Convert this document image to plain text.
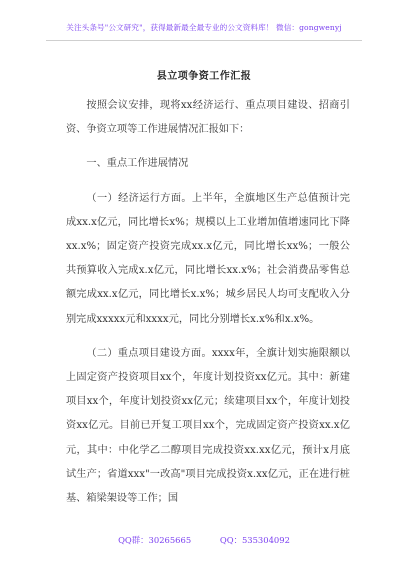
关注头条号"公文研究"，获得最新最全最专业的公文资料库！ 微信：gongwenyj
县立项争资工作汇报

按照会议安排，现将xx经济运行、重点项目建设、招商引资、争资立项等工作进展情况汇报如下：

一、重点工作进展情况

（一）经济运行方面。上半年，全旗地区生产总值预计完成xx.x亿元，同比增长x%；规模以上工业增加值增速同比下降xx.x%；固定资产投资完成xx.x亿元，同比增长xx%；一般公共预算收入完成x.x亿元，同比增长xx.x%；社会消费品零售总额完成xx.x亿元，同比增长x.x%；城乡居民人均可支配收入分别完成xxxxx元和xxxx元，同比分别增长x.x%和x.x%。

（二）重点项目建设方面。xxxx年，全旗计划实施限额以上固定资产投资项目xx个，年度计划投资xx亿元。其中：新建项目xx个，年度计划投资xx亿元；续建项目xx个，年度计划投资xx亿元。目前已开复工项目xx个，完成固定资产投资xx.x亿元，其中：中化学乙二醇项目完成投资xx.xx亿元，预计x月底试生产；省道xxx"一改高"项目完成投资x.xx亿元，正在进行桩基、箱梁架设等工作；国

QQ群：30265665	QQ：535304092
